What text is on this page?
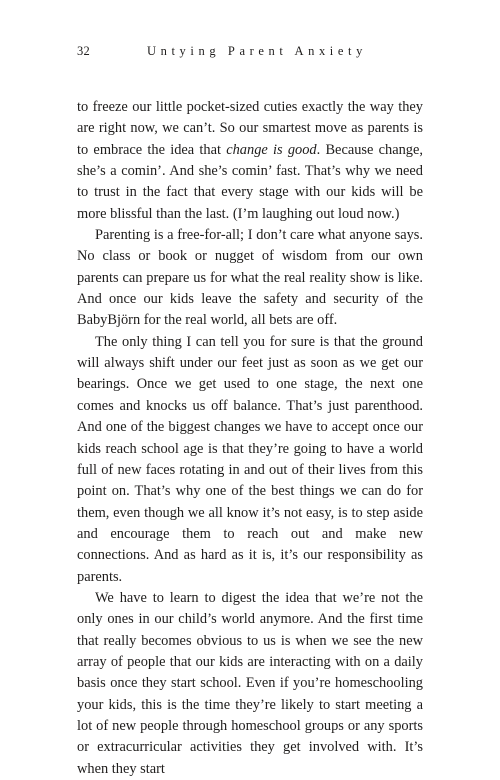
32	Untying Parent Anxiety

to freeze our little pocket-sized cuties exactly the way they are right now, we can’t. So our smartest move as parents is to embrace the idea that change is good. Because change, she’s a comin’. And she’s comin’ fast. That’s why we need to trust in the fact that every stage with our kids will be more blissful than the last. (I’m laughing out loud now.)

Parenting is a free-for-all; I don’t care what anyone says. No class or book or nugget of wisdom from our own parents can prepare us for what the real reality show is like. And once our kids leave the safety and security of the BabyBjörn for the real world, all bets are off.

The only thing I can tell you for sure is that the ground will always shift under our feet just as soon as we get our bearings. Once we get used to one stage, the next one comes and knocks us off balance. That’s just parenthood. And one of the biggest changes we have to accept once our kids reach school age is that they’re going to have a world full of new faces rotating in and out of their lives from this point on. That’s why one of the best things we can do for them, even though we all know it’s not easy, is to step aside and encourage them to reach out and make new connections. And as hard as it is, it’s our responsibility as parents.

We have to learn to digest the idea that we’re not the only ones in our child’s world anymore. And the first time that really becomes obvious to us is when we see the new array of people that our kids are interacting with on a daily basis once they start school. Even if you’re homeschooling your kids, this is the time they’re likely to start meeting a lot of new people through homeschool groups or any sports or extracurricular activities they get involved with. It’s when they start
